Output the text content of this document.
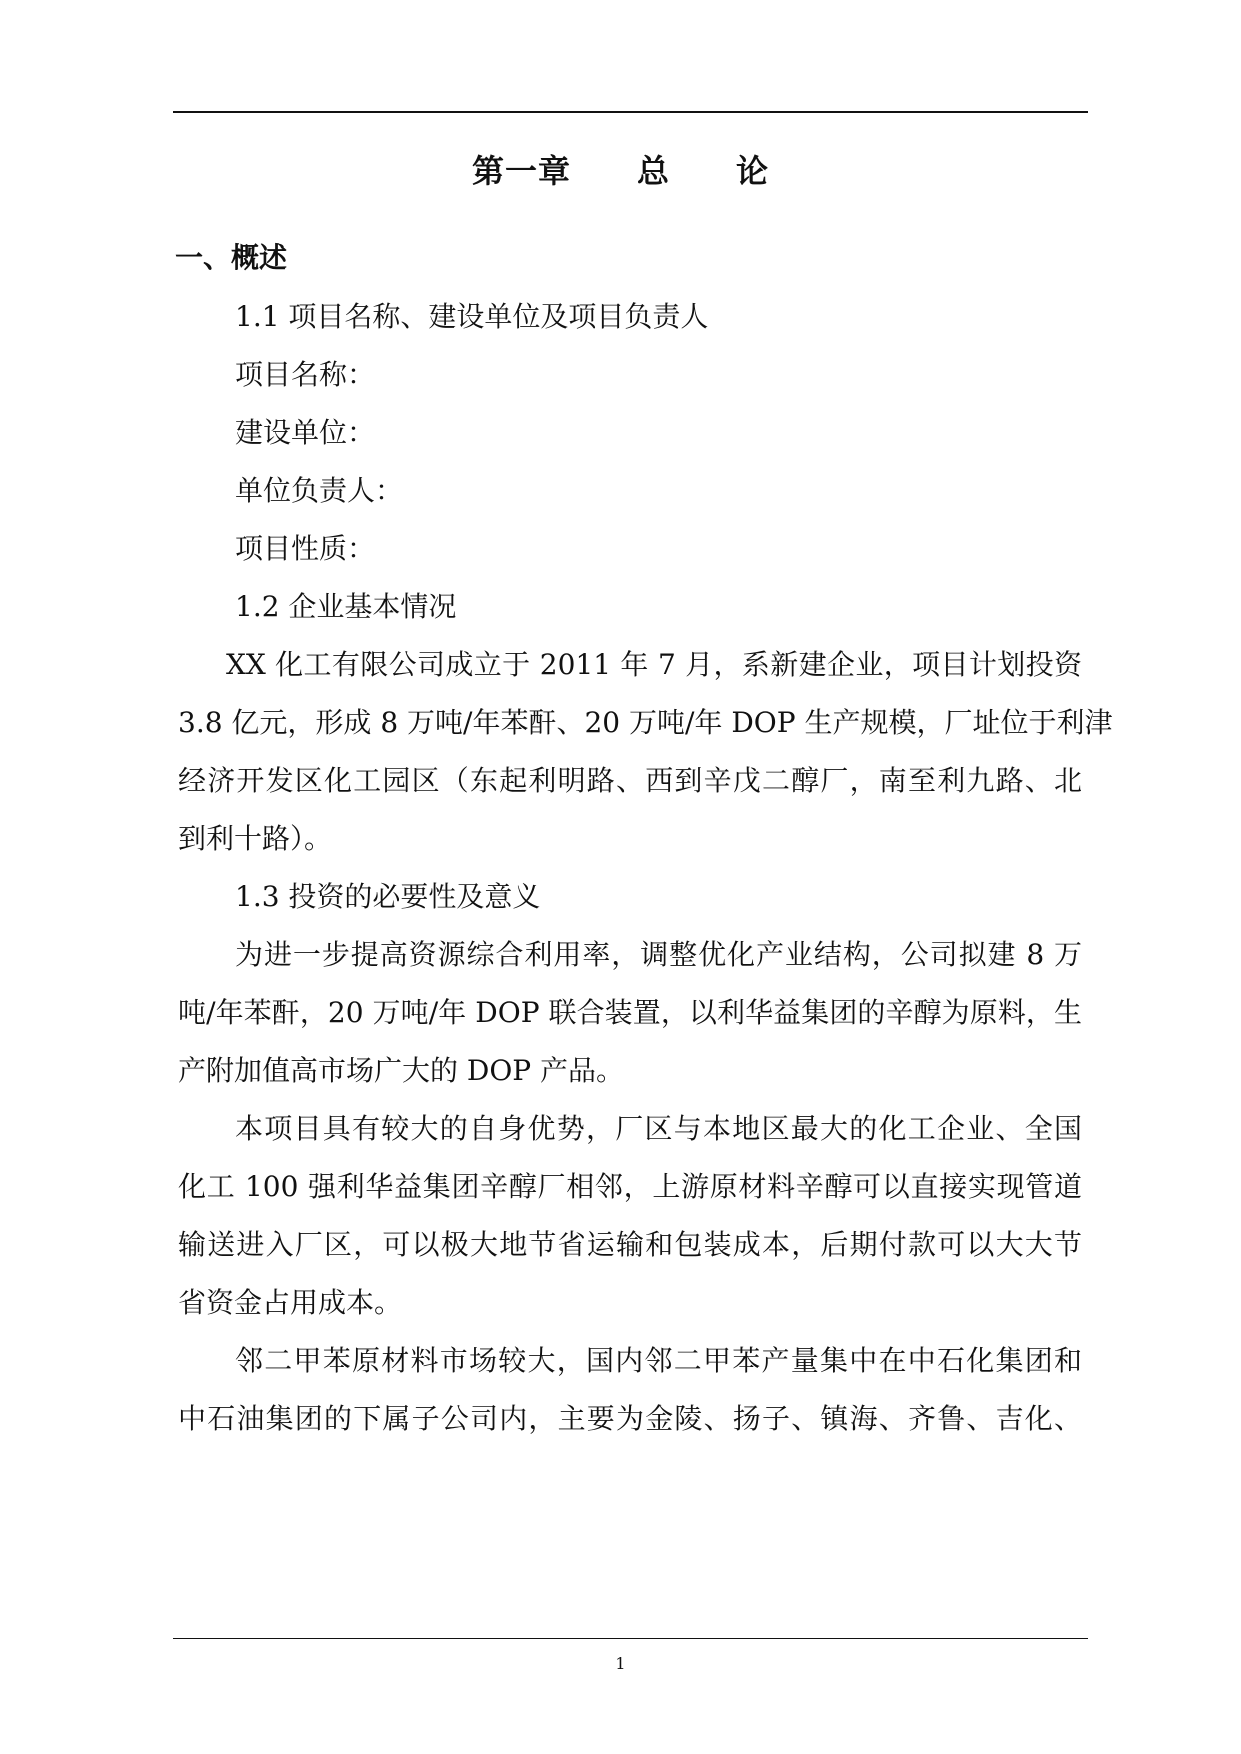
第一章　　总　　论
一、概述
1.1 项目名称、建设单位及项目负责人
项目名称：
建设单位：
单位负责人：
项目性质：
1.2 企业基本情况
XX 化工有限公司成立于 2011 年 7 月，系新建企业，项目计划投资
3.8 亿元，形成 8 万吨/年苯酐、20 万吨/年 DOP 生产规模，厂址位于利津
经济开发区化工园区（东起利明路、西到辛戊二醇厂，南至利九路、北
到利十路）。
1.3 投资的必要性及意义
为进一步提高资源综合利用率，调整优化产业结构，公司拟建 8 万
吨/年苯酐，20 万吨/年 DOP 联合装置，以利华益集团的辛醇为原料，生
产附加值高市场广大的 DOP 产品。
本项目具有较大的自身优势，厂区与本地区最大的化工企业、全国
化工 100 强利华益集团辛醇厂相邻，上游原材料辛醇可以直接实现管道
输送进入厂区，可以极大地节省运输和包装成本，后期付款可以大大节
省资金占用成本。
邻二甲苯原材料市场较大，国内邻二甲苯产量集中在中石化集团和
中石油集团的下属子公司内，主要为金陵、扬子、镇海、齐鲁、吉化、
1
